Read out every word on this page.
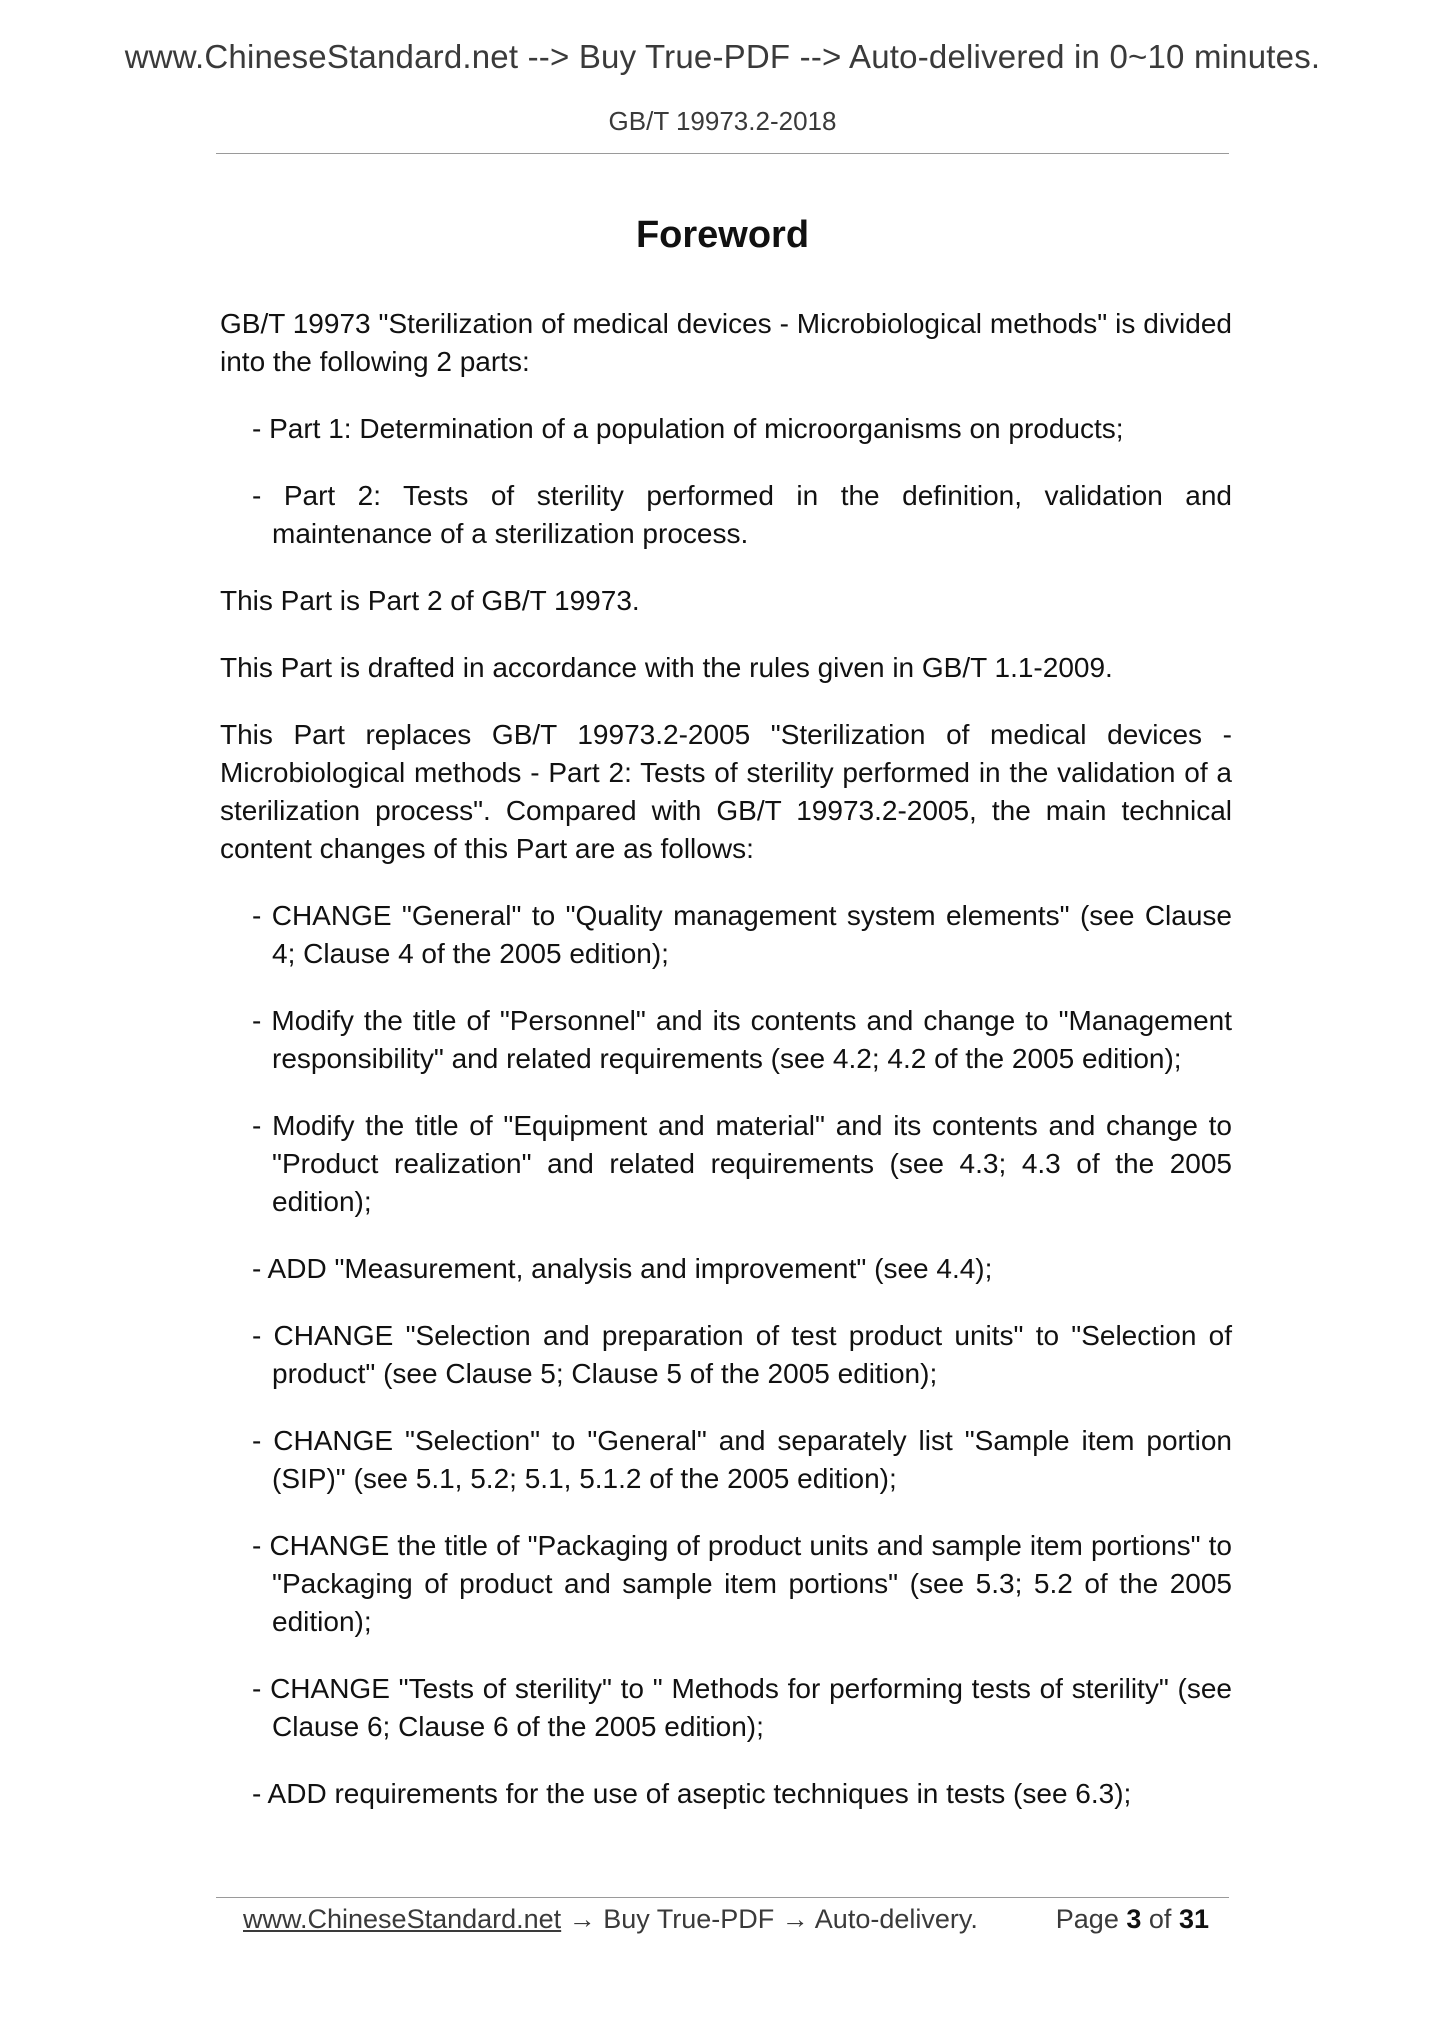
www.ChineseStandard.net --> Buy True-PDF --> Auto-delivered in 0~10 minutes.
GB/T 19973.2-2018
Foreword

GB/T 19973 "Sterilization of medical devices - Microbiological methods" is divided into the following 2 parts:

- Part 1: Determination of a population of microorganisms on products;

- Part 2: Tests of sterility performed in the definition, validation and maintenance of a sterilization process.

This Part is Part 2 of GB/T 19973.

This Part is drafted in accordance with the rules given in GB/T 1.1-2009.

This Part replaces GB/T 19973.2-2005 "Sterilization of medical devices - Microbiological methods - Part 2: Tests of sterility performed in the validation of a sterilization process". Compared with GB/T 19973.2-2005, the main technical content changes of this Part are as follows:

- CHANGE "General" to "Quality management system elements" (see Clause 4; Clause 4 of the 2005 edition);

- Modify the title of "Personnel" and its contents and change to "Management responsibility" and related requirements (see 4.2; 4.2 of the 2005 edition);

- Modify the title of "Equipment and material" and its contents and change to "Product realization" and related requirements (see 4.3; 4.3 of the 2005 edition);

- ADD "Measurement, analysis and improvement" (see 4.4);

- CHANGE "Selection and preparation of test product units" to "Selection of product" (see Clause 5; Clause 5 of the 2005 edition);

- CHANGE "Selection" to "General" and separately list "Sample item portion (SIP)" (see 5.1, 5.2; 5.1, 5.1.2 of the 2005 edition);

- CHANGE the title of "Packaging of product units and sample item portions" to "Packaging of product and sample item portions" (see 5.3; 5.2 of the 2005 edition);

- CHANGE "Tests of sterility" to " Methods for performing tests of sterility" (see Clause 6; Clause 6 of the 2005 edition);

- ADD requirements for the use of aseptic techniques in tests (see 6.3);

www.ChineseStandard.net → Buy True-PDF → Auto-delivery.	Page 3 of 31
